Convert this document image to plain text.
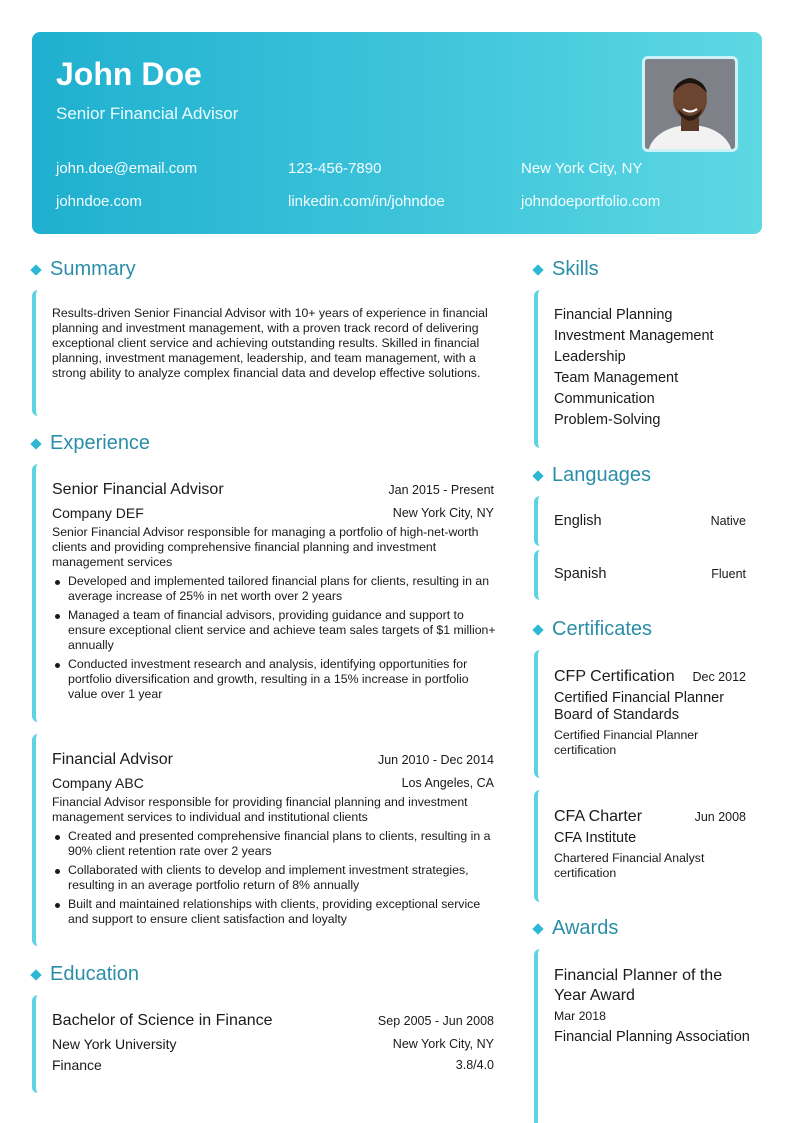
John Doe
Senior Financial Advisor
john.doe@email.com	123-456-7890	New York City, NY
johndoe.com	linkedin.com/in/johndoe	johndoeportfolio.com
Summary
Results-driven Senior Financial Advisor with 10+ years of experience in financial planning and investment management, with a proven track record of delivering exceptional client service and achieving outstanding results. Skilled in financial planning, investment management, leadership, and team management, with a strong ability to analyze complex financial data and develop effective solutions.
Experience
Senior Financial Advisor	Jan 2015 - Present
Company DEF	New York City, NY
Senior Financial Advisor responsible for managing a portfolio of high-net-worth clients and providing comprehensive financial planning and investment management services
Developed and implemented tailored financial plans for clients, resulting in an average increase of 25% in net worth over 2 years
Managed a team of financial advisors, providing guidance and support to ensure exceptional client service and achieve team sales targets of $1 million+ annually
Conducted investment research and analysis, identifying opportunities for portfolio diversification and growth, resulting in a 15% increase in portfolio value over 1 year
Financial Advisor	Jun 2010 - Dec 2014
Company ABC	Los Angeles, CA
Financial Advisor responsible for providing financial planning and investment management services to individual and institutional clients
Created and presented comprehensive financial plans to clients, resulting in a 90% client retention rate over 2 years
Collaborated with clients to develop and implement investment strategies, resulting in an average portfolio return of 8% annually
Built and maintained relationships with clients, providing exceptional service and support to ensure client satisfaction and loyalty
Education
Bachelor of Science in Finance	Sep 2005 - Jun 2008
New York University	New York City, NY
Finance	3.8/4.0
Skills
Financial Planning
Investment Management
Leadership
Team Management
Communication
Problem-Solving
Languages
English	Native
Spanish	Fluent
Certificates
CFP Certification Dec 2012
Certified Financial Planner Board of Standards
Certified Financial Planner certification
CFA Charter	Jun 2008
CFA Institute
Chartered Financial Analyst certification
Awards
Financial Planner of the Year Award
Mar 2018
Financial Planning Association
